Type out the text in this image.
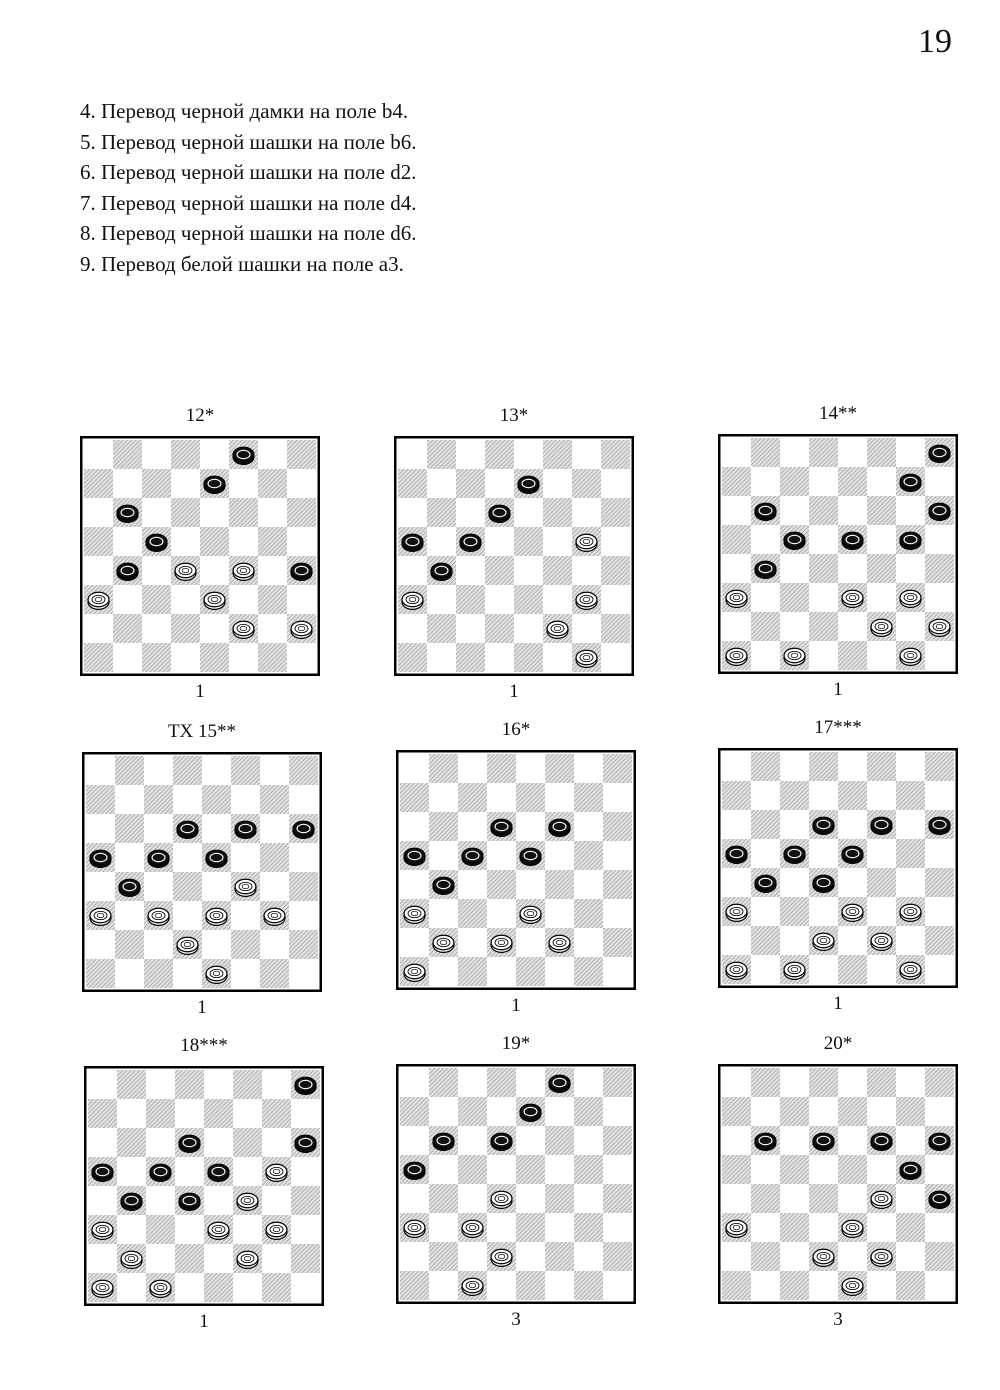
19
4. Перевод черной дамки на поле b4.
5. Перевод черной шашки на поле b6.
6. Перевод черной шашки на поле d2.
7. Перевод черной шашки на поле d4.
8. Перевод черной шашки на поле d6.
9. Перевод белой шашки на поле a3.
12*
1
13*
1
14**
1
ТХ 15**
1
16*
1
17***
1
18***
1
19*
3
20*
3
